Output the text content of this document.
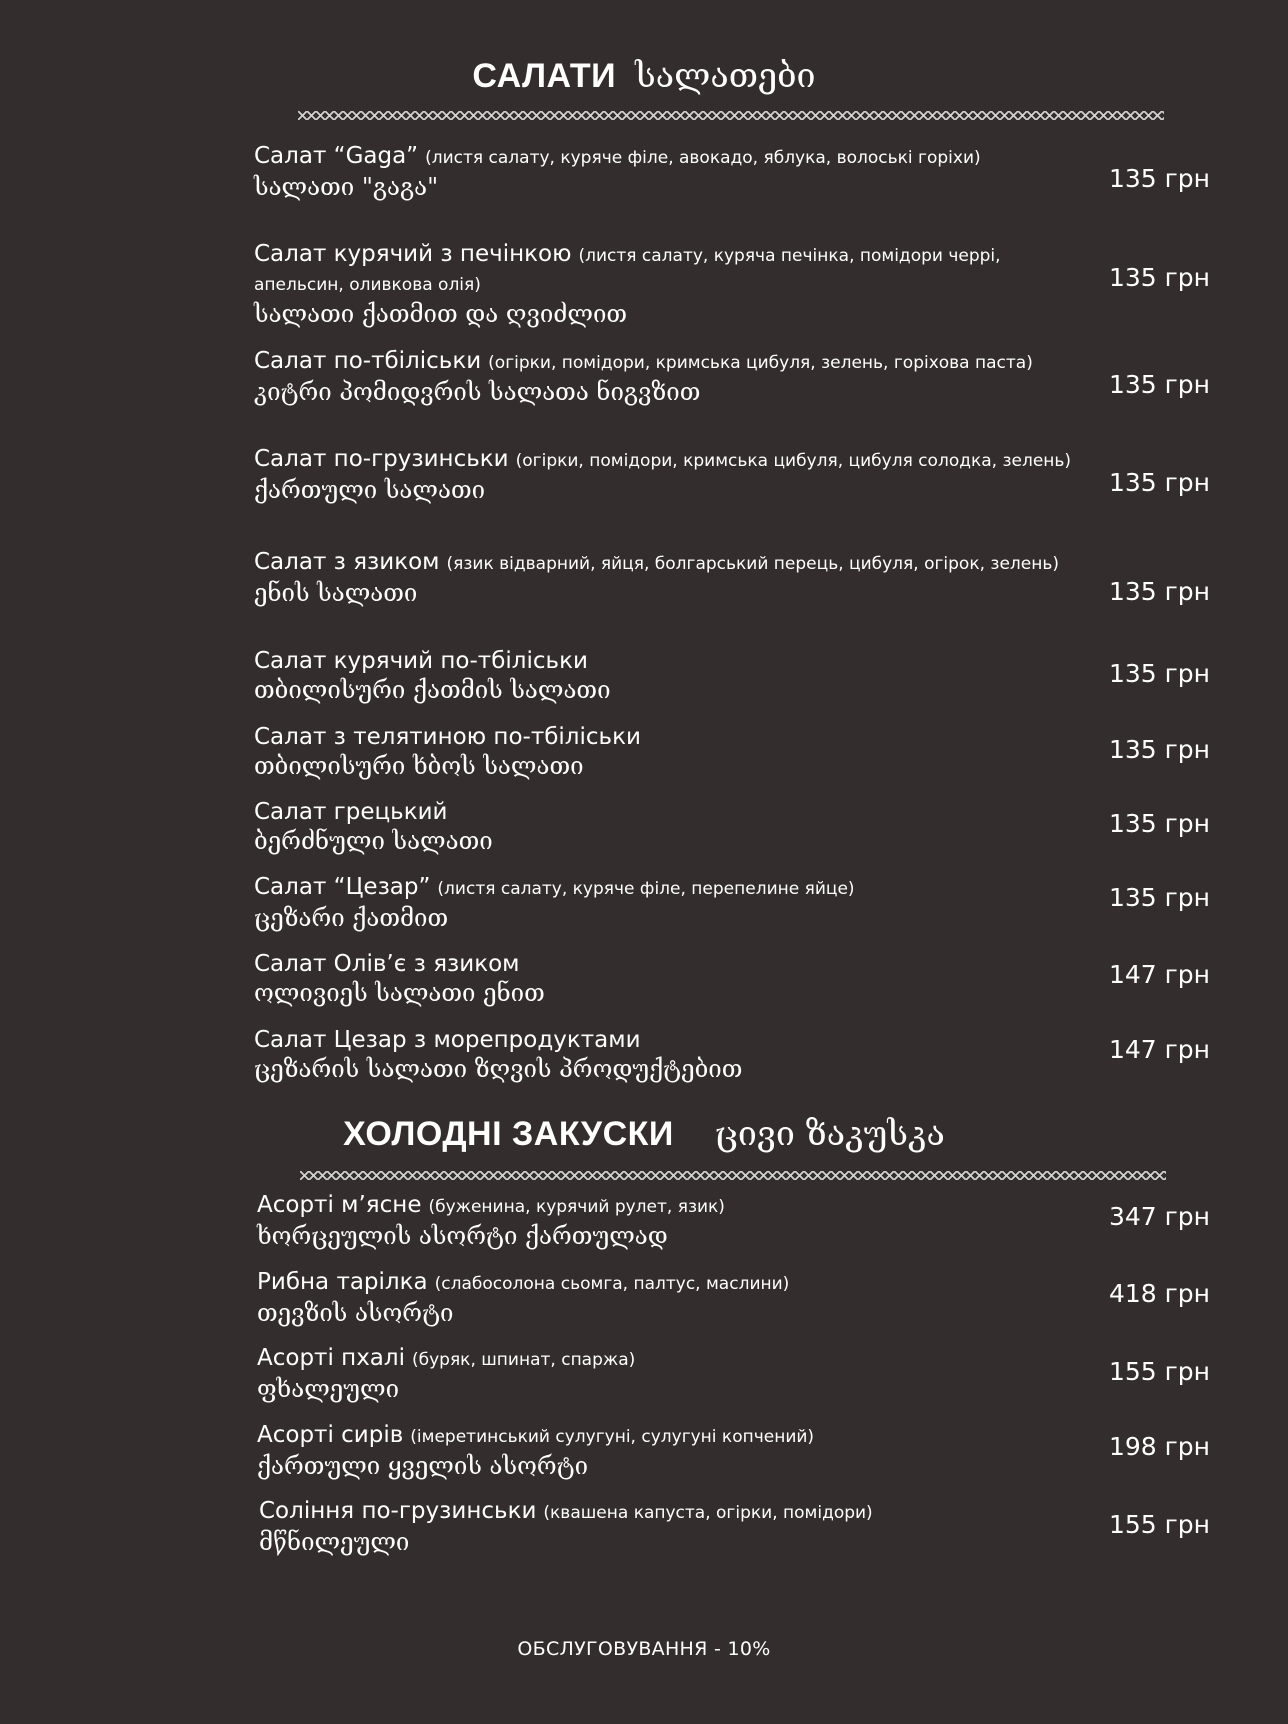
САЛАТИ სალათები
Салат “Gaga” (листя салату, куряче філе, авокадо, яблука, волоські горіхи)
სალათი "გაგა"	135 грн
Салат курячий з печінкою (листя салату, куряча печінка, помідори черрі, апельсин, оливкова олія)
სალათი ქათმით და ღვიძლით
135 грн
Салат по-тбіліськи (огірки, помідори, кримська цибуля, зелень, горіхова паста)
კიტრი პომიდვრის სალათა ნიგვზით	135 грн
Салат по-грузинськи (огірки, помідори, кримська цибуля, цибуля солодка, зелень)
ქართული სალათი	135 грн
Салат з язиком (язик відварний, яйця, болгарський перець, цибуля, огірок, зелень)
ენის სალათი	135 грн
Салат курячий по-тбіліськи
თბილისური ქათმის სალათი
135 грн
Салат з телятиною по-тбіліськи
თბილისური ხბოს სალათი
135 грн
Салат грецький
ბერძნული სალათი
135 грн
Салат “Цезар” (листя салату, куряче філе, перепелине яйце)
ცეზარი ქათმით
135 грн
Салат Олів’є з язиком
ოლივიეს სალათი ენით
147 грн
Салат Цезар з морепродуктами
ცეზარის სალათი ზღვის პროდუქტებით
147 грн
ХОЛОДНІ ЗАКУСКИ ცივი ზაკუსკა
Асорті м’ясне (буженина, курячий рулет, язик)
ხორცეულის ასორტი ქართულად
347 грн
Рибна тарілка (слабосолона сьомга, палтус, маслини)
თევზის ასორტი
418 грн
Асорті пхалі (буряк, шпинат, спаржа)
ფხალეული
155 грн
Асорті сирів (імеретинський сулугуні, сулугуні копчений)
ქართული ყველის ასორტი
198 грн
Соління по-грузинськи (квашена капуста, огірки, помідори)
მწნილეული
155 грн
ОБСЛУГОВУВАННЯ - 10%
